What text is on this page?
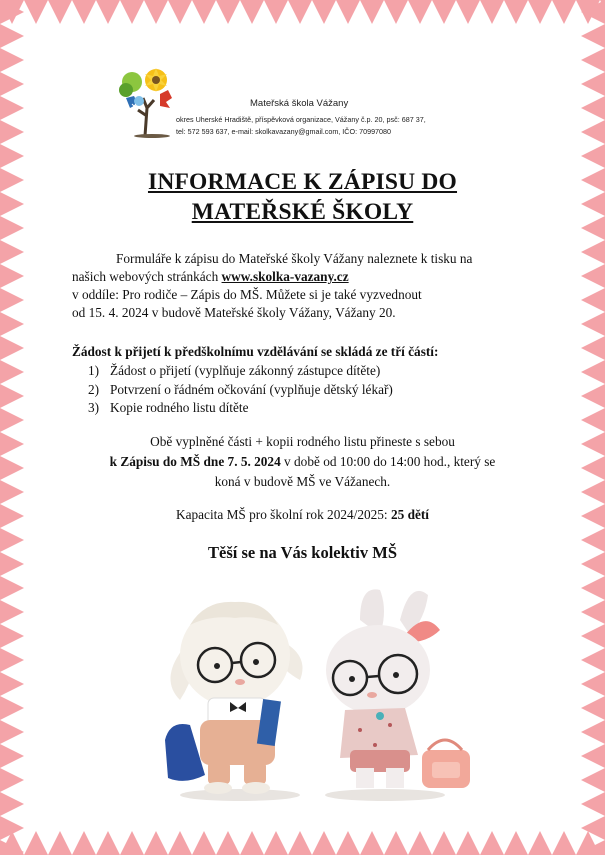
Mateřská škola Vážany
okres Uherské Hradiště, příspěvková organizace, Vážany č.p. 20, psč: 687 37,
tel: 572 593 637, e-mail: skolkavazany@gmail.com, IČO: 70997080
INFORMACE K ZÁPISU DO
MATEŘSKÉ ŠKOLY
Formuláře k zápisu do Mateřské školy Vážany naleznete k tisku na
našich webových stránkách www.skolka-vazany.cz
v oddíle: Pro rodiče – Zápis do MŠ. Můžete si je také vyzvednout
od 15. 4. 2024 v budově Mateřské školy Vážany, Vážany 20.
Žádost k přijetí k předškolnímu vzdělávání se skládá ze tří částí:
1) Žádost o přijetí (vyplňuje zákonný zástupce dítěte)
2) Potvrzení o řádném očkování (vyplňuje dětský lékař)
3) Kopie rodného listu dítěte
Obě vyplněné části + kopii rodného listu přineste s sebou
k Zápisu do MŠ dne 7. 5. 2024 v době od 10:00 do 14:00 hod., který se
koná v budově MŠ ve Vážanech.
Kapacita MŠ pro školní rok 2024/2025: 25 dětí
Těší se na Vás kolektiv MŠ
